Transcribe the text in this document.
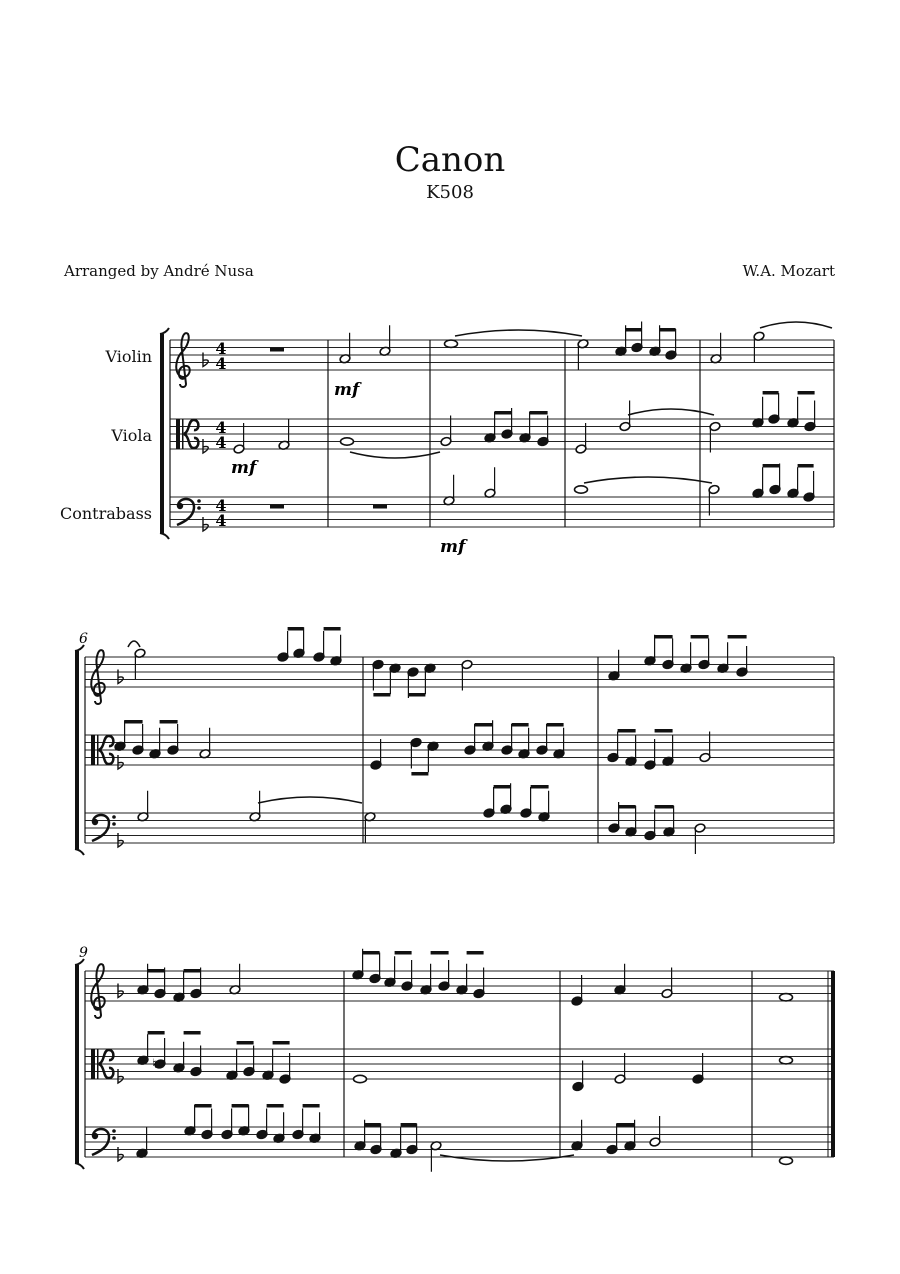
Canon
K508
Arranged by André Nusa	W.A. Mozart
Violin
Viola
Contrabass
4
4
4
4
4
4
6
9
mf
mf
mf
♮
